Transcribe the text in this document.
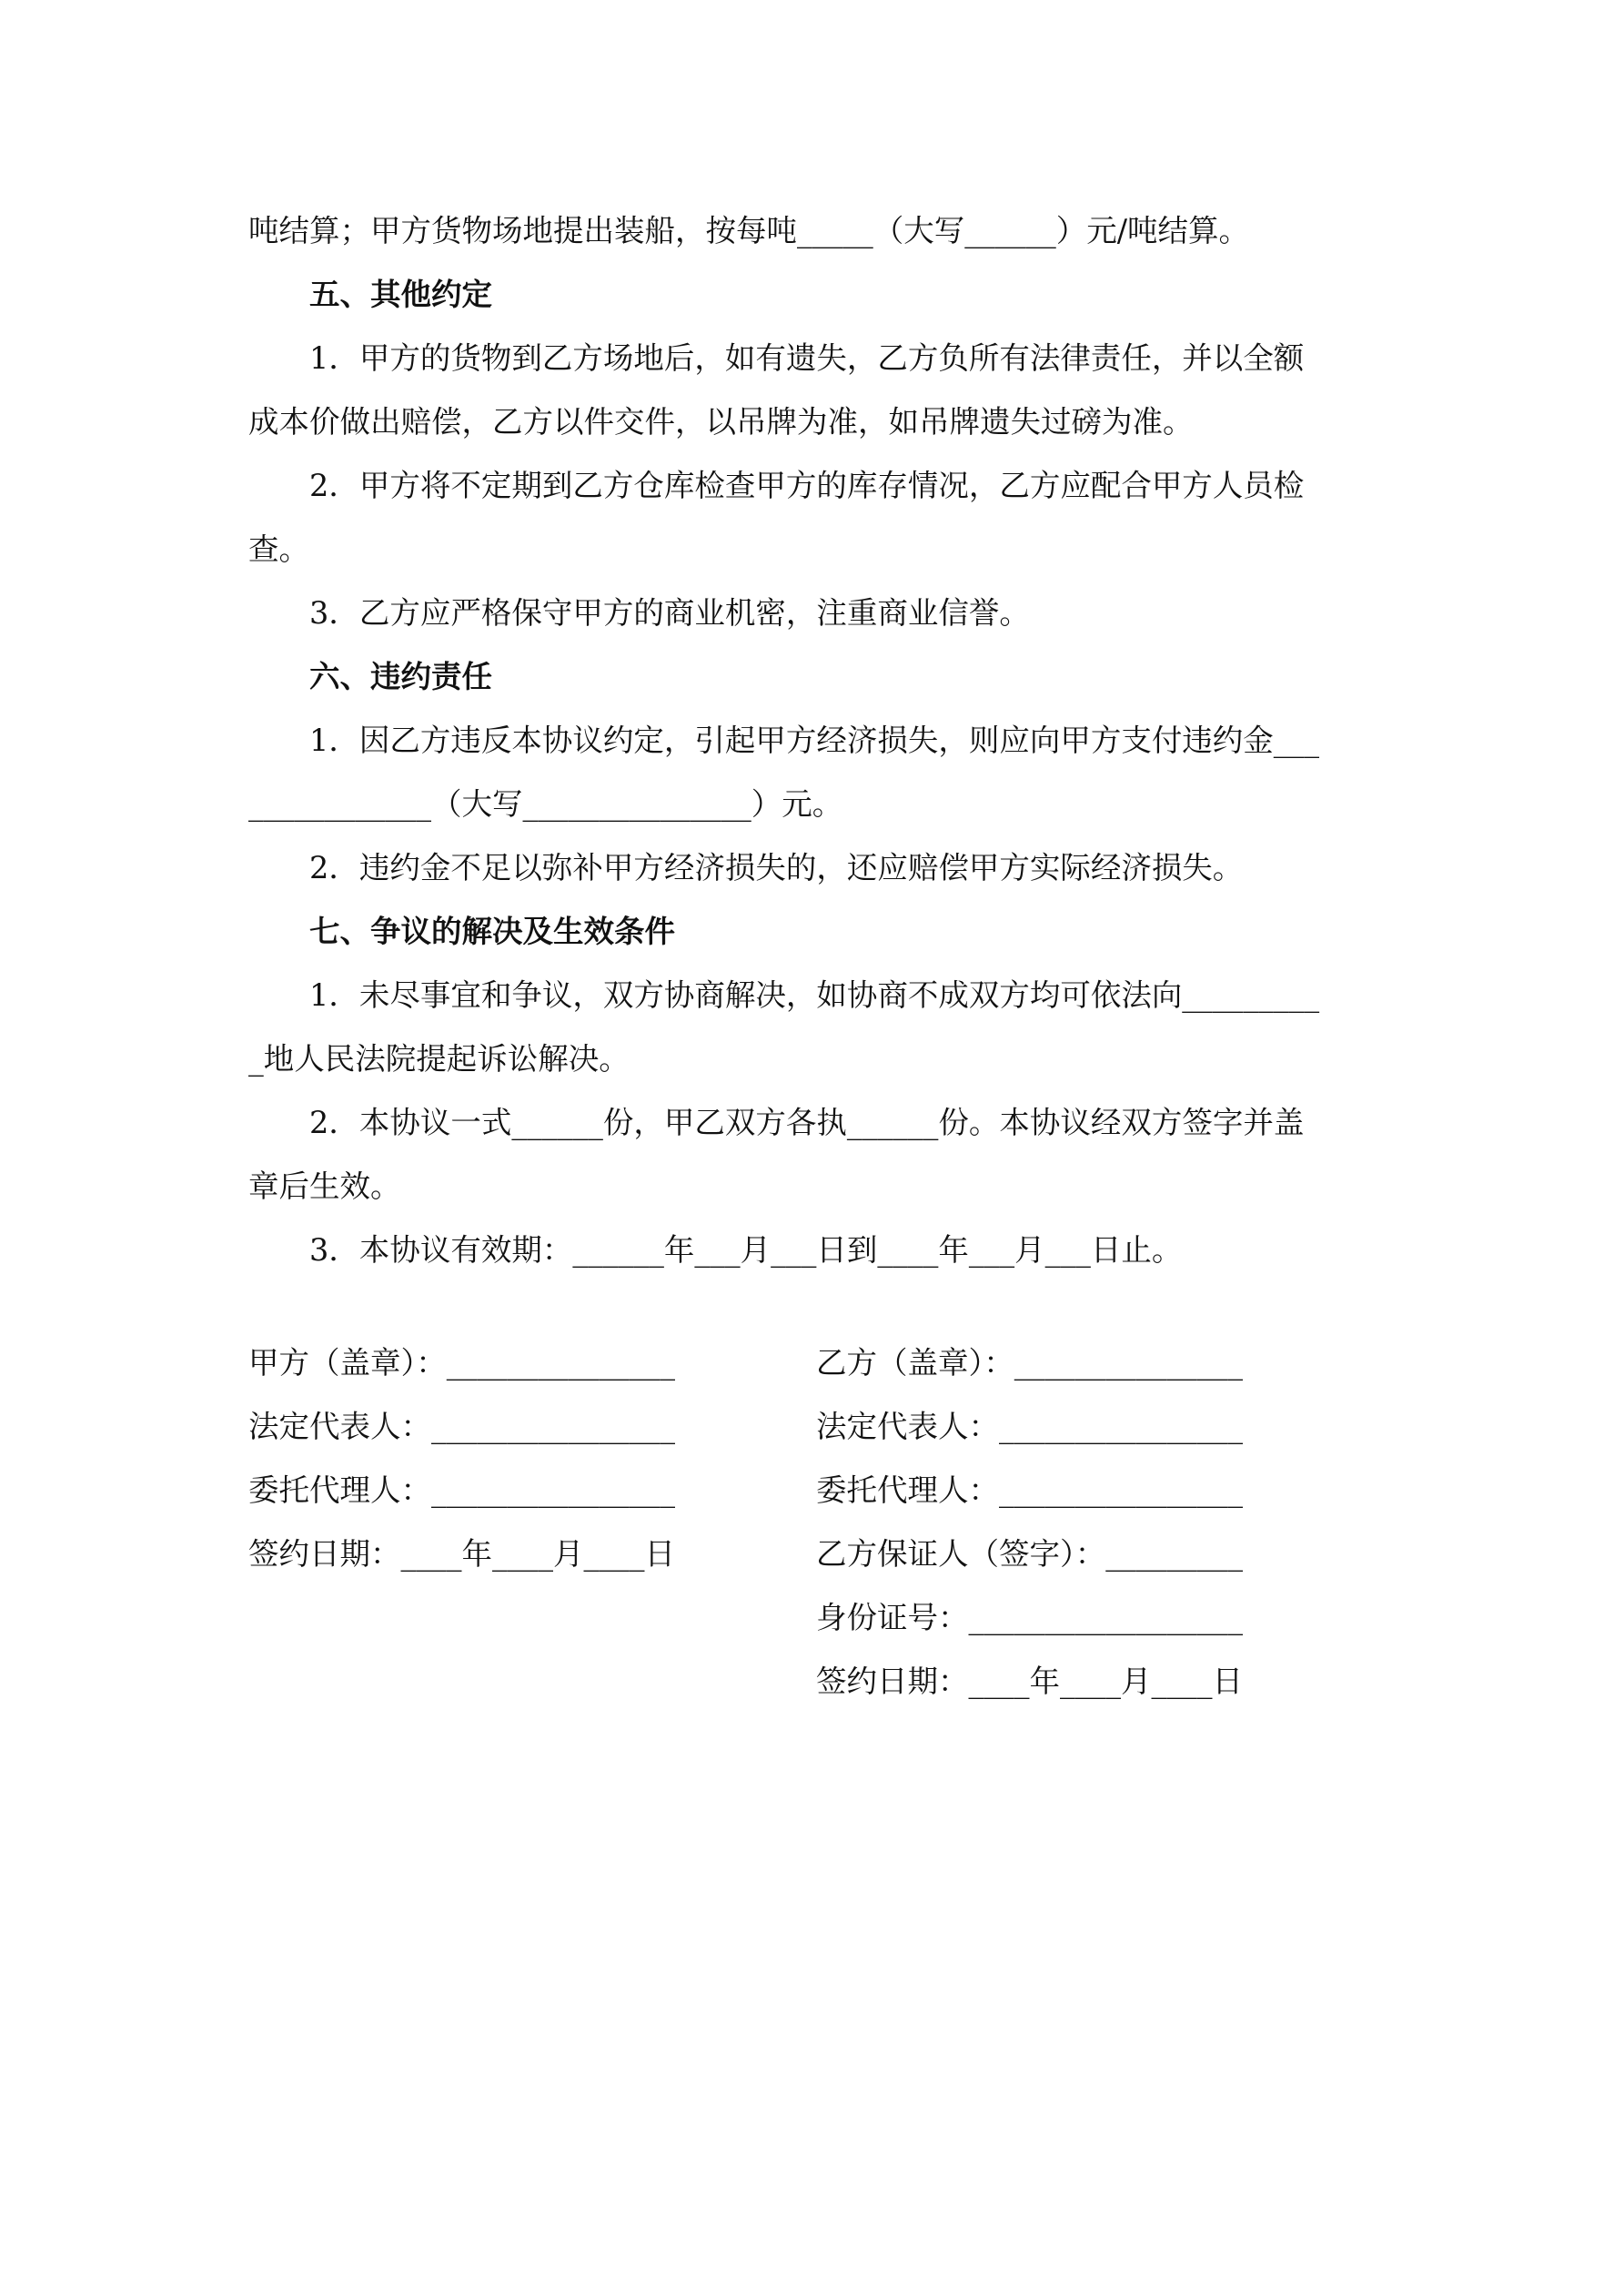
吨结算；甲方货物场地提出装船，按每吨_____（大写______）元/吨结算。
五、其他约定
1．甲方的货物到乙方场地后，如有遗失，乙方负所有法律责任，并以全额
成本价做出赔偿，乙方以件交件，以吊牌为准，如吊牌遗失过磅为准。
2．甲方将不定期到乙方仓库检查甲方的库存情况，乙方应配合甲方人员检
查。
3．乙方应严格保守甲方的商业机密，注重商业信誉。
六、违约责任
1．因乙方违反本协议约定，引起甲方经济损失，则应向甲方支付违约金___
____________（大写_______________）元。
2．违约金不足以弥补甲方经济损失的，还应赔偿甲方实际经济损失。
七、争议的解决及生效条件
1．未尽事宜和争议，双方协商解决，如协商不成双方均可依法向_________
_地人民法院提起诉讼解决。
2．本协议一式______份，甲乙双方各执______份。本协议经双方签字并盖
章后生效。
3．本协议有效期：______年___月___日到____年___月___日止。
甲方（盖章）：_______________
法定代表人：________________
委托代理人：________________
签约日期：____年____月____日
乙方（盖章）：_______________
法定代表人：________________
委托代理人：________________
乙方保证人（签字）：_________
身份证号：__________________
签约日期：____年____月____日
